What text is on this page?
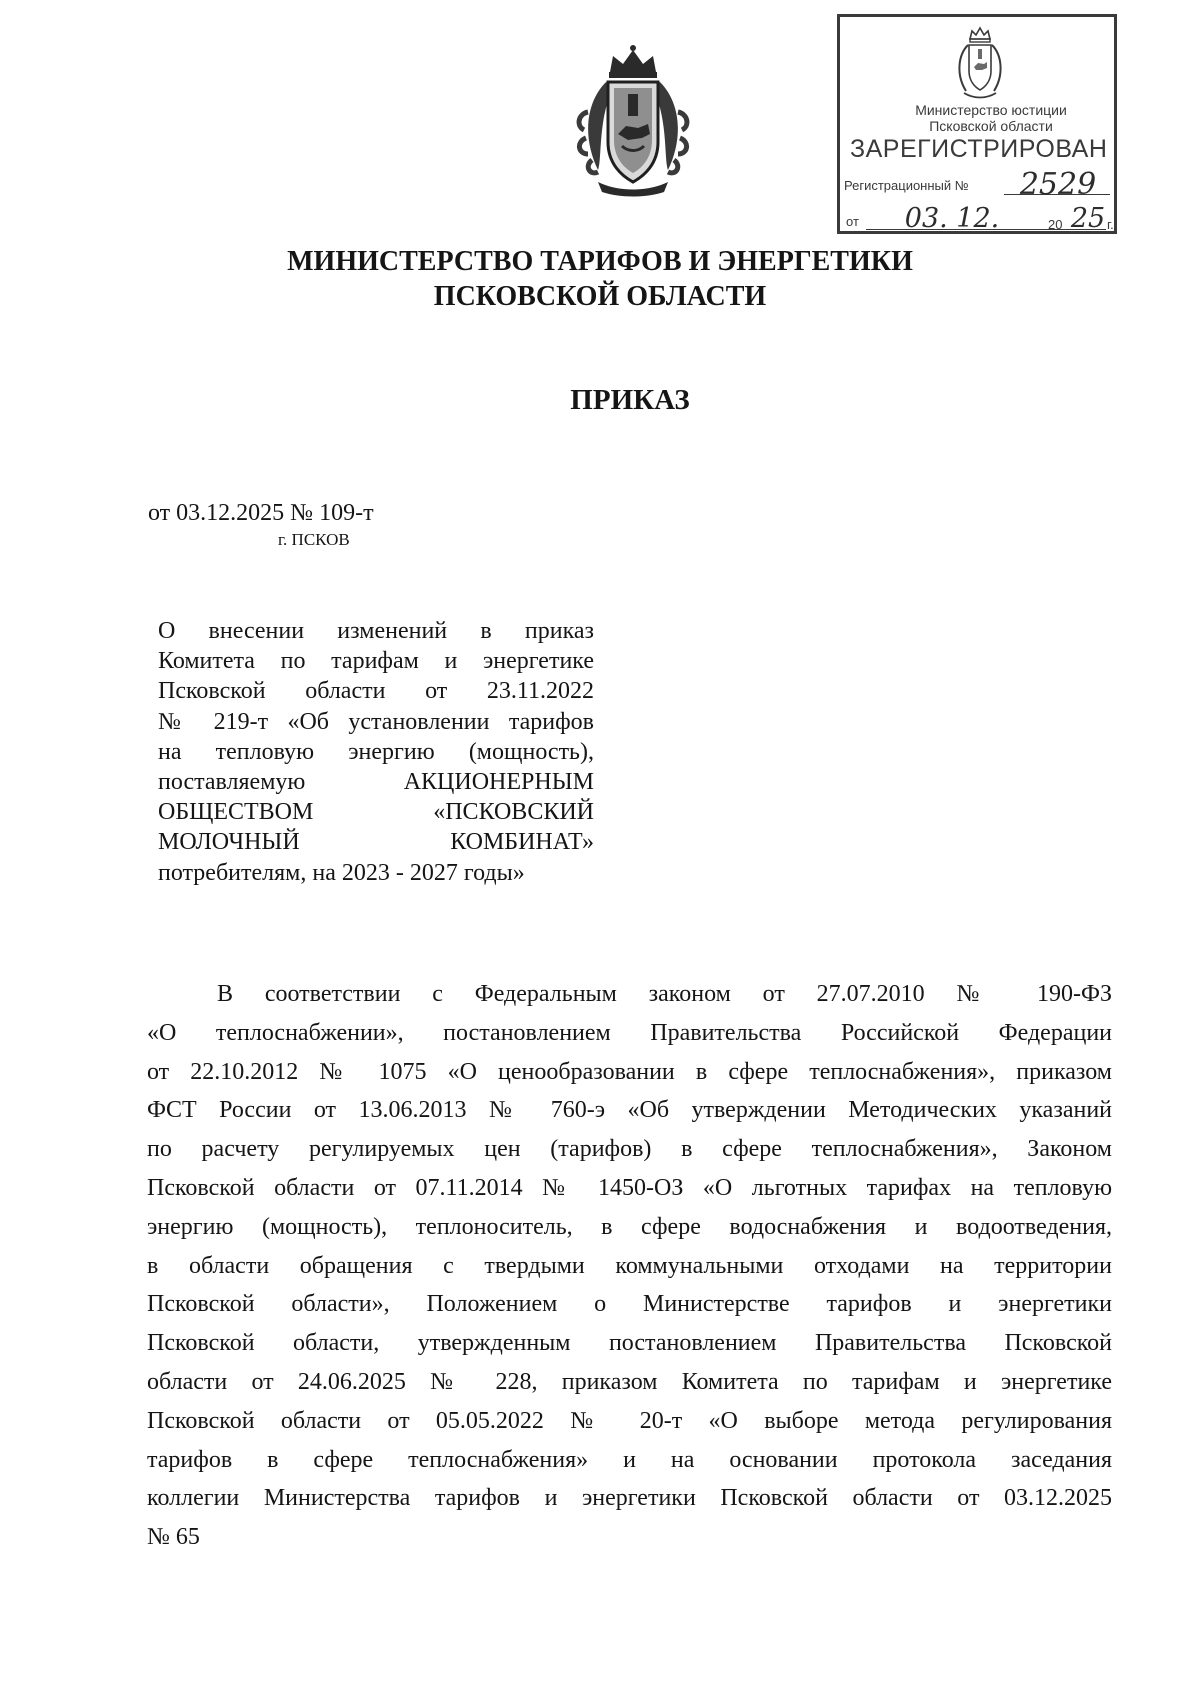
Министерство юстиции
Псковской области
ЗАРЕГИСТРИРОВАН
Регистрационный №	2529
от	03. 12.	20 25 г.
МИНИСТЕРСТВО ТАРИФОВ И ЭНЕРГЕТИКИ
ПСКОВСКОЙ ОБЛАСТИ
ПРИКАЗ
от 03.12.2025 № 109-т
г. ПСКОВ
О внесении изменений в приказ
Комитета по тарифам и энергетике
Псковской области от 23.11.2022
№ 219-т «Об установлении тарифов
на тепловую энергию (мощность),
поставляемую АКЦИОНЕРНЫМ
ОБЩЕСТВОМ «ПСКОВСКИЙ
МОЛОЧНЫЙ КОМБИНАТ»
потребителям, на 2023 - 2027 годы»
В соответствии с Федеральным законом от 27.07.2010 № 190-ФЗ
«О теплоснабжении», постановлением Правительства Российской Федерации
от 22.10.2012 № 1075 «О ценообразовании в сфере теплоснабжения», приказом
ФСТ России от 13.06.2013 № 760-э «Об утверждении Методических указаний
по расчету регулируемых цен (тарифов) в сфере теплоснабжения», Законом
Псковской области от 07.11.2014 № 1450-ОЗ «О льготных тарифах на тепловую
энергию (мощность), теплоноситель, в сфере водоснабжения и водоотведения,
в области обращения с твердыми коммунальными отходами на территории
Псковской области», Положением о Министерстве тарифов и энергетики
Псковской области, утвержденным постановлением Правительства Псковской
области от 24.06.2025 № 228, приказом Комитета по тарифам и энергетике
Псковской области от 05.05.2022 № 20-т «О выборе метода регулирования
тарифов в сфере теплоснабжения» и на основании протокола заседания
коллегии Министерства тарифов и энергетики Псковской области от 03.12.2025
№ 65
